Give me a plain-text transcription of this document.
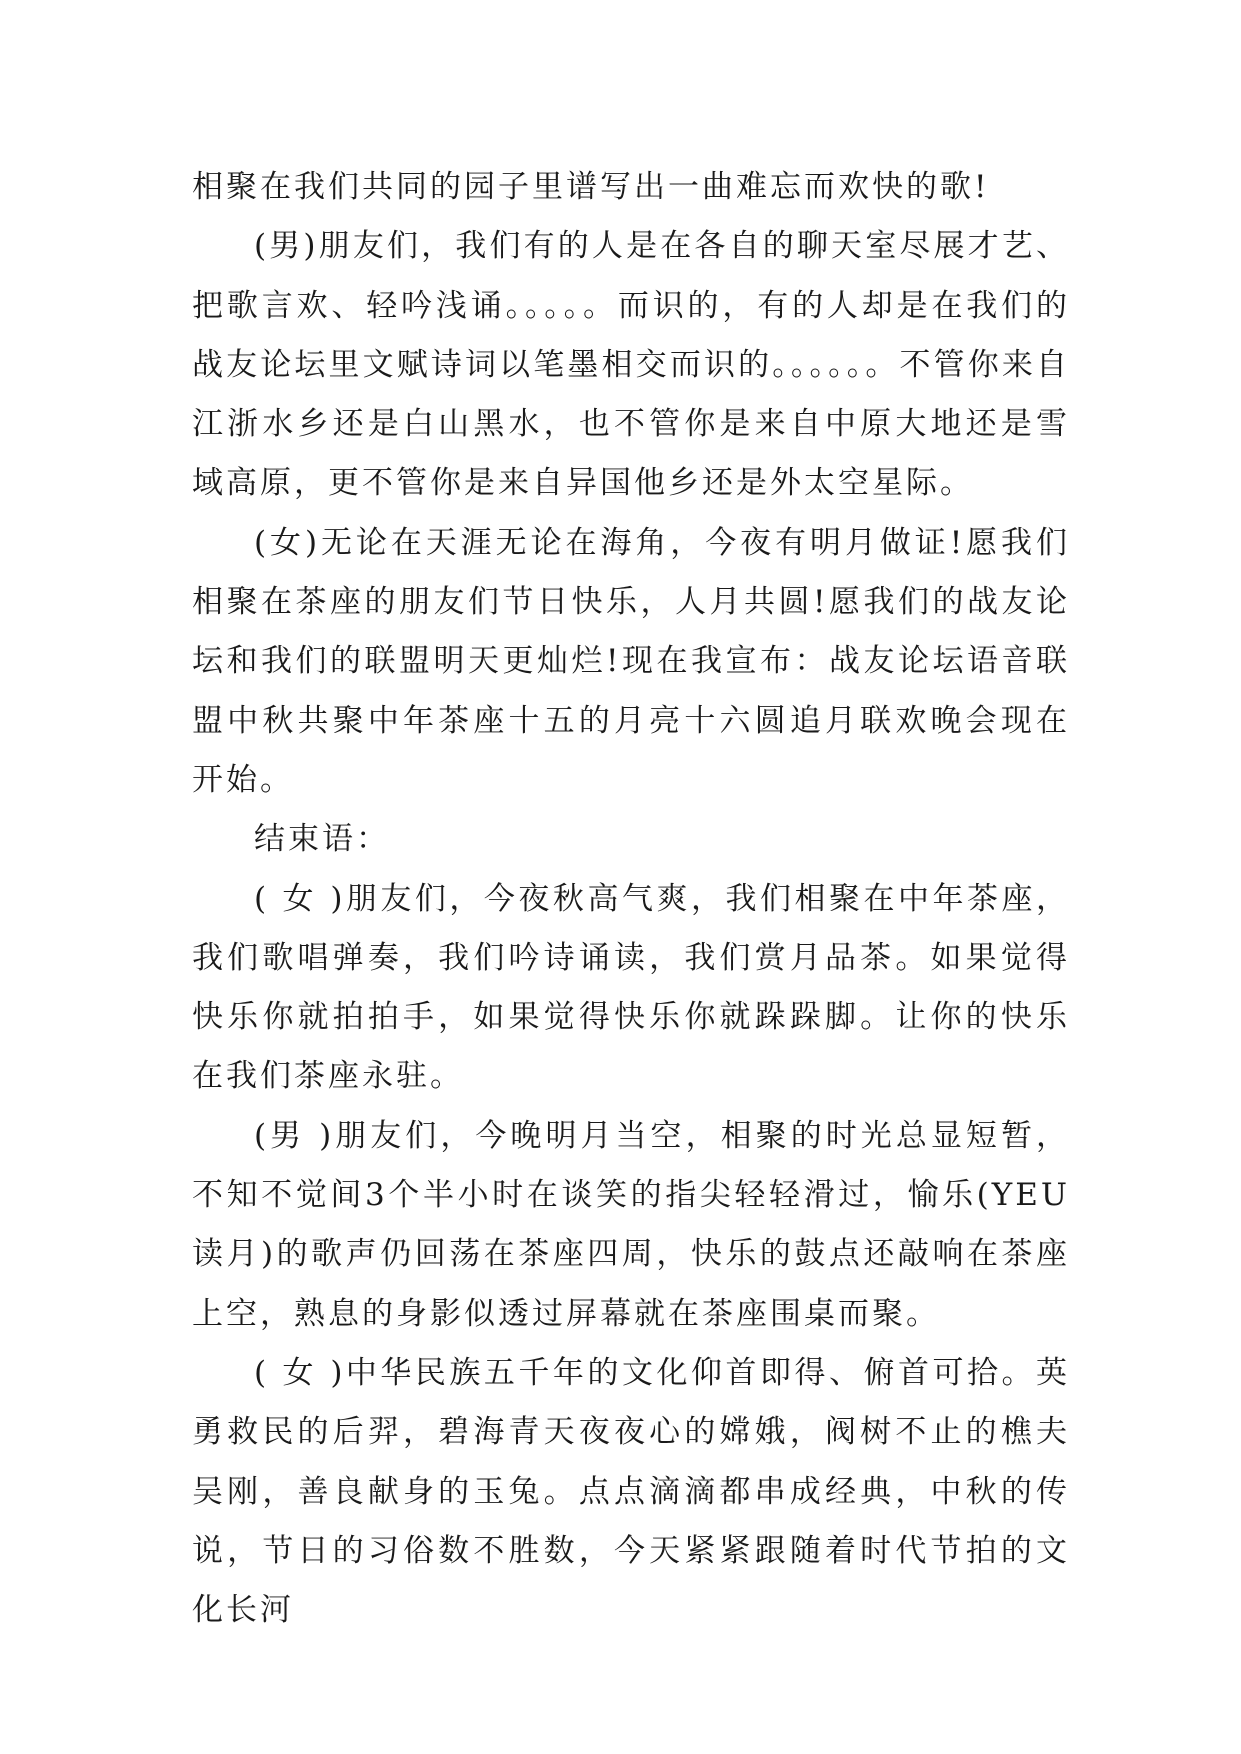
相聚在我们共同的园子里谱写出一曲难忘而欢快的歌!

(男)朋友们，我们有的人是在各自的聊天室尽展才艺、把歌言欢、轻吟浅诵。。。。。而识的，有的人却是在我们的战友论坛里文赋诗词以笔墨相交而识的。。。。。。不管你来自江浙水乡还是白山黑水，也不管你是来自中原大地还是雪域高原，更不管你是来自异国他乡还是外太空星际。

(女)无论在天涯无论在海角，今夜有明月做证!愿我们相聚在茶座的朋友们节日快乐，人月共圆!愿我们的战友论坛和我们的联盟明天更灿烂!现在我宣布：战友论坛语音联盟中秋共聚中年茶座十五的月亮十六圆追月联欢晚会现在开始。

结束语：

( 女 )朋友们，今夜秋高气爽，我们相聚在中年茶座，我们歌唱弹奏，我们吟诗诵读，我们赏月品茶。如果觉得快乐你就拍拍手，如果觉得快乐你就跺跺脚。让你的快乐在我们茶座永驻。

(男 )朋友们，今晚明月当空，相聚的时光总显短暂，不知不觉间3个半小时在谈笑的指尖轻轻滑过，愉乐(YEU读月)的歌声仍回荡在茶座四周，快乐的鼓点还敲响在茶座上空，熟息的身影似透过屏幕就在茶座围桌而聚。

( 女 )中华民族五千年的文化仰首即得、俯首可拾。英勇救民的后羿，碧海青天夜夜心的嫦娥，阀树不止的樵夫吴刚，善良献身的玉兔。点点滴滴都串成经典，中秋的传说，节日的习俗数不胜数，今天紧紧跟随着时代节拍的文化长河
